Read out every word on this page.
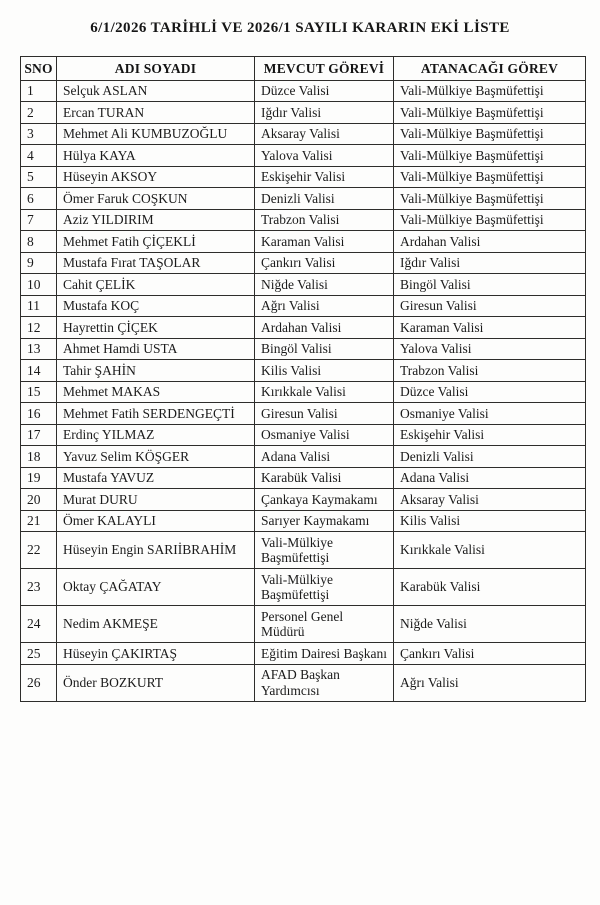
6/1/2026 TARİHLİ VE 2026/1 SAYILI KARARIN EKİ LİSTE
SNO	ADI SOYADI	MEVCUT GÖREVİ	ATANACAĞI GÖREV
1	Selçuk ASLAN	Düzce Valisi	Vali-Mülkiye Başmüfettişi
2	Ercan TURAN	Iğdır Valisi	Vali-Mülkiye Başmüfettişi
3	Mehmet Ali KUMBUZOĞLU	Aksaray Valisi	Vali-Mülkiye Başmüfettişi
4	Hülya KAYA	Yalova Valisi	Vali-Mülkiye Başmüfettişi
5	Hüseyin AKSOY	Eskişehir Valisi	Vali-Mülkiye Başmüfettişi
6	Ömer Faruk COŞKUN	Denizli Valisi	Vali-Mülkiye Başmüfettişi
7	Aziz YILDIRIM	Trabzon Valisi	Vali-Mülkiye Başmüfettişi
8	Mehmet Fatih ÇİÇEKLİ	Karaman Valisi	Ardahan Valisi
9	Mustafa Fırat TAŞOLAR	Çankırı Valisi	Iğdır Valisi
10	Cahit ÇELİK	Niğde Valisi	Bingöl Valisi
11	Mustafa KOÇ	Ağrı Valisi	Giresun Valisi
12	Hayrettin ÇİÇEK	Ardahan Valisi	Karaman Valisi
13	Ahmet Hamdi USTA	Bingöl Valisi	Yalova Valisi
14	Tahir ŞAHİN	Kilis Valisi	Trabzon Valisi
15	Mehmet MAKAS	Kırıkkale Valisi	Düzce Valisi
16	Mehmet Fatih SERDENGEÇTİ	Giresun Valisi	Osmaniye Valisi
17	Erdinç YILMAZ	Osmaniye Valisi	Eskişehir Valisi
18	Yavuz Selim KÖŞGER	Adana Valisi	Denizli Valisi
19	Mustafa YAVUZ	Karabük Valisi	Adana Valisi
20	Murat DURU	Çankaya Kaymakamı	Aksaray Valisi
21	Ömer KALAYLI	Sarıyer Kaymakamı	Kilis Valisi
22	Hüseyin Engin SARIİBRAHİM	Vali-Mülkiye Başmüfettişi	Kırıkkale Valisi
23	Oktay ÇAĞATAY	Vali-Mülkiye Başmüfettişi	Karabük Valisi
24	Nedim AKMEŞE	Personel Genel Müdürü	Niğde Valisi
25	Hüseyin ÇAKIRTAŞ	Eğitim Dairesi Başkanı	Çankırı Valisi
26	Önder BOZKURT	AFAD Başkan Yardımcısı	Ağrı Valisi
